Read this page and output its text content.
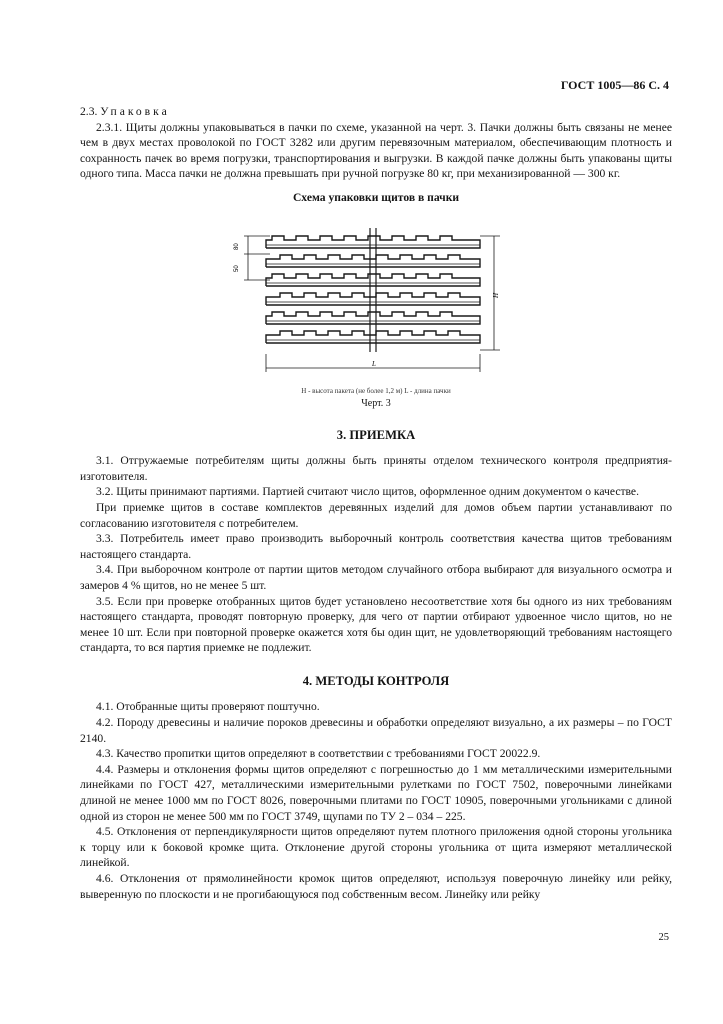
ГОСТ 1005—86 С. 4

2.3. Упаковка

2.3.1. Щиты должны упаковываться в пачки по схеме, указанной на черт. 3. Пачки должны быть связаны не менее чем в двух местах проволокой по ГОСТ 3282 или другим перевязочным материалом, обеспечивающим плотность и сохранность пачек во время погрузки, транспортирования и выгрузки. В каждой пачке должны быть упакованы щиты одного типа. Масса пачки не должна превышать при ручной погрузке 80 кг, при механизированной — 300 кг.

Схема упаковки щитов в пачки
80
50
H
L
Н - высота пакета (не более 1,2 м) L - длина пачки
Черт. 3
3. ПРИЕМКА

3.1. Отгружаемые потребителям щиты должны быть приняты отделом технического контроля предприятия-изготовителя.

3.2. Щиты принимают партиями. Партией считают число щитов, оформленное одним документом о качестве.

При приемке щитов в составе комплектов деревянных изделий для домов объем партии устанавливают по согласованию изготовителя с потребителем.

3.3. Потребитель имеет право производить выборочный контроль соответствия качества щитов требованиям настоящего стандарта.

3.4. При выборочном контроле от партии щитов методом случайного отбора выбирают для визуального осмотра и замеров 4 % щитов, но не менее 5 шт.

3.5. Если при проверке отобранных щитов будет установлено несоответствие хотя бы одного из них требованиям настоящего стандарта, проводят повторную проверку, для чего от партии отбирают удвоенное число щитов, но не менее 10 шт. Если при повторной проверке окажется хотя бы один щит, не удовлетворяющий требованиям настоящего стандарта, то вся партия приемке не подлежит.

4. МЕТОДЫ КОНТРОЛЯ

4.1. Отобранные щиты проверяют поштучно.

4.2. Породу древесины и наличие пороков древесины и обработки определяют визуально, а их размеры – по ГОСТ 2140.

4.3. Качество пропитки щитов определяют в соответствии с требованиями ГОСТ 20022.9.

4.4. Размеры и отклонения формы щитов определяют с погрешностью до 1 мм металлическими измерительными линейками по ГОСТ 427, металлическими измерительными рулетками по ГОСТ 7502, поверочными линейками длиной не менее 1000 мм по ГОСТ 8026, поверочными плитами по ГОСТ 10905, поверочными угольниками с длиной одной из сторон не менее 500 мм по ГОСТ 3749, щупами по ТУ 2 – 034 – 225.

4.5. Отклонения от перпендикулярности щитов определяют путем плотного приложения одной стороны угольника к торцу или к боковой кромке щита. Отклонение другой стороны угольника от щита измеряют металлической линейкой.

4.6. Отклонения от прямолинейности кромок щитов определяют, используя поверочную линейку или рейку, выверенную по плоскости и не прогибающуюся под собственным весом. Линейку или рейку

25
